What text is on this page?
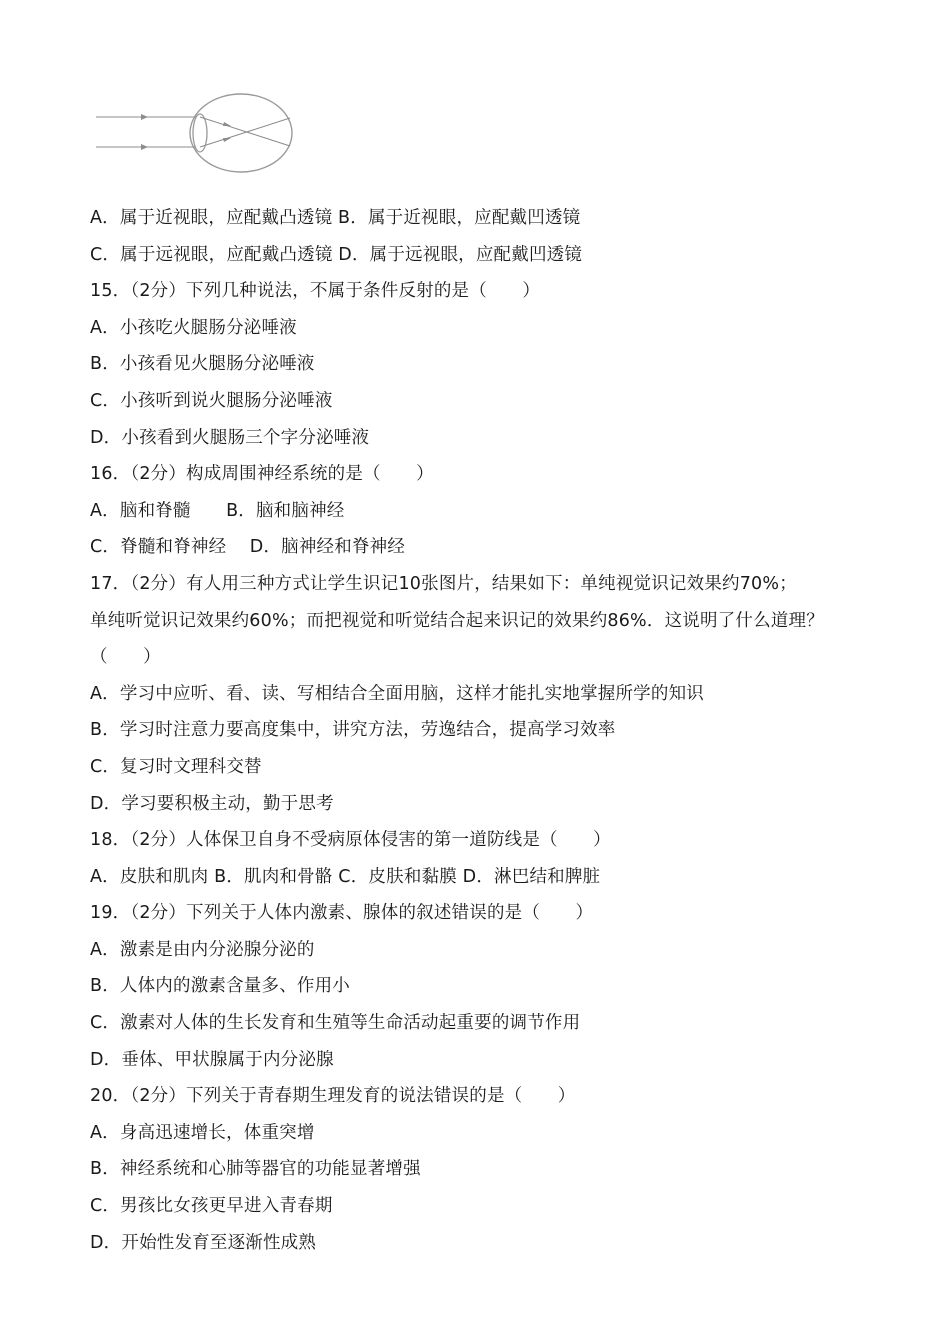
A．属于近视眼，应配戴凸透镜 B．属于近视眼，应配戴凹透镜
C．属于远视眼，应配戴凸透镜 D．属于远视眼，应配戴凹透镜
15．（2分）下列几种说法，不属于条件反射的是（　　）
A．小孩吃火腿肠分泌唾液
B．小孩看见火腿肠分泌唾液
C．小孩听到说火腿肠分泌唾液
D．小孩看到火腿肠三个字分泌唾液
16．（2分）构成周围神经系统的是（　　）
A．脑和脊髓　　B．脑和脑神经
C．脊髓和脊神经　 D．脑神经和脊神经
17．（2分）有人用三种方式让学生识记10张图片，结果如下：单纯视觉识记效果约70%；
单纯听觉识记效果约60%；而把视觉和听觉结合起来识记的效果约86%．这说明了什么道理？
（　　）
A．学习中应听、看、读、写相结合全面用脑，这样才能扎实地掌握所学的知识
B．学习时注意力要高度集中，讲究方法，劳逸结合，提高学习效率
C．复习时文理科交替
D．学习要积极主动，勤于思考
18．（2分）人体保卫自身不受病原体侵害的第一道防线是（　　）
A．皮肤和肌肉 B．肌肉和骨骼 C．皮肤和黏膜 D．淋巴结和脾脏
19．（2分）下列关于人体内激素、腺体的叙述错误的是（　　）
A．激素是由内分泌腺分泌的
B．人体内的激素含量多、作用小
C．激素对人体的生长发育和生殖等生命活动起重要的调节作用
D．垂体、甲状腺属于内分泌腺
20．（2分）下列关于青春期生理发育的说法错误的是（　　）
A．身高迅速增长，体重突增
B．神经系统和心肺等器官的功能显著增强
C．男孩比女孩更早进入青春期
D．开始性发育至逐渐性成熟
